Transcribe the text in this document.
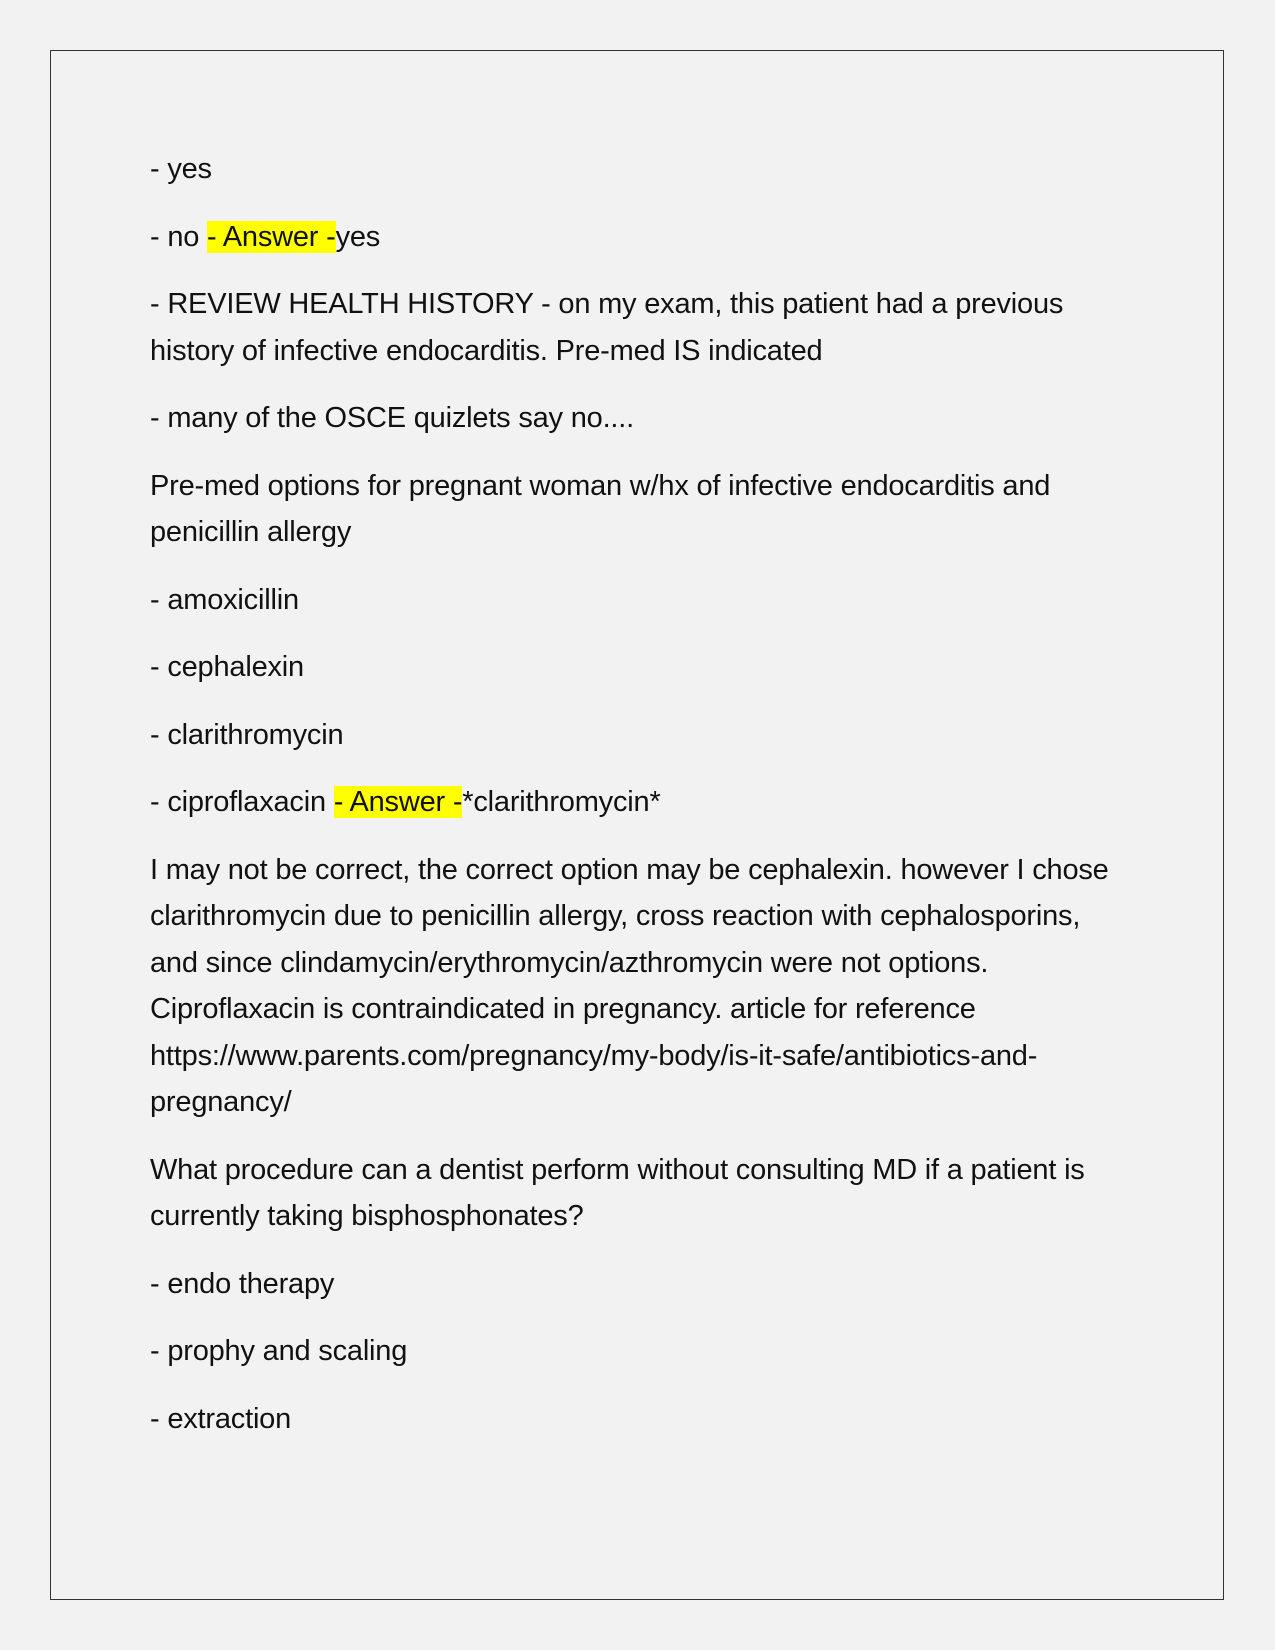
- yes

- no - Answer -yes

- REVIEW HEALTH HISTORY - on my exam, this patient had a previous history of infective endocarditis. Pre-med IS indicated

- many of the OSCE quizlets say no....

Pre-med options for pregnant woman w/hx of infective endocarditis and penicillin allergy

- amoxicillin

- cephalexin

- clarithromycin

- ciproflaxacin - Answer -*clarithromycin*

I may not be correct, the correct option may be cephalexin. however I chose clarithromycin due to penicillin allergy, cross reaction with cephalosporins, and since clindamycin/erythromycin/azthromycin were not options. Ciproflaxacin is contraindicated in pregnancy. article for reference https://www.parents.com/pregnancy/my-body/is-it-safe/antibiotics-and-pregnancy/

What procedure can a dentist perform without consulting MD if a patient is currently taking bisphosphonates?

- endo therapy

- prophy and scaling

- extraction
